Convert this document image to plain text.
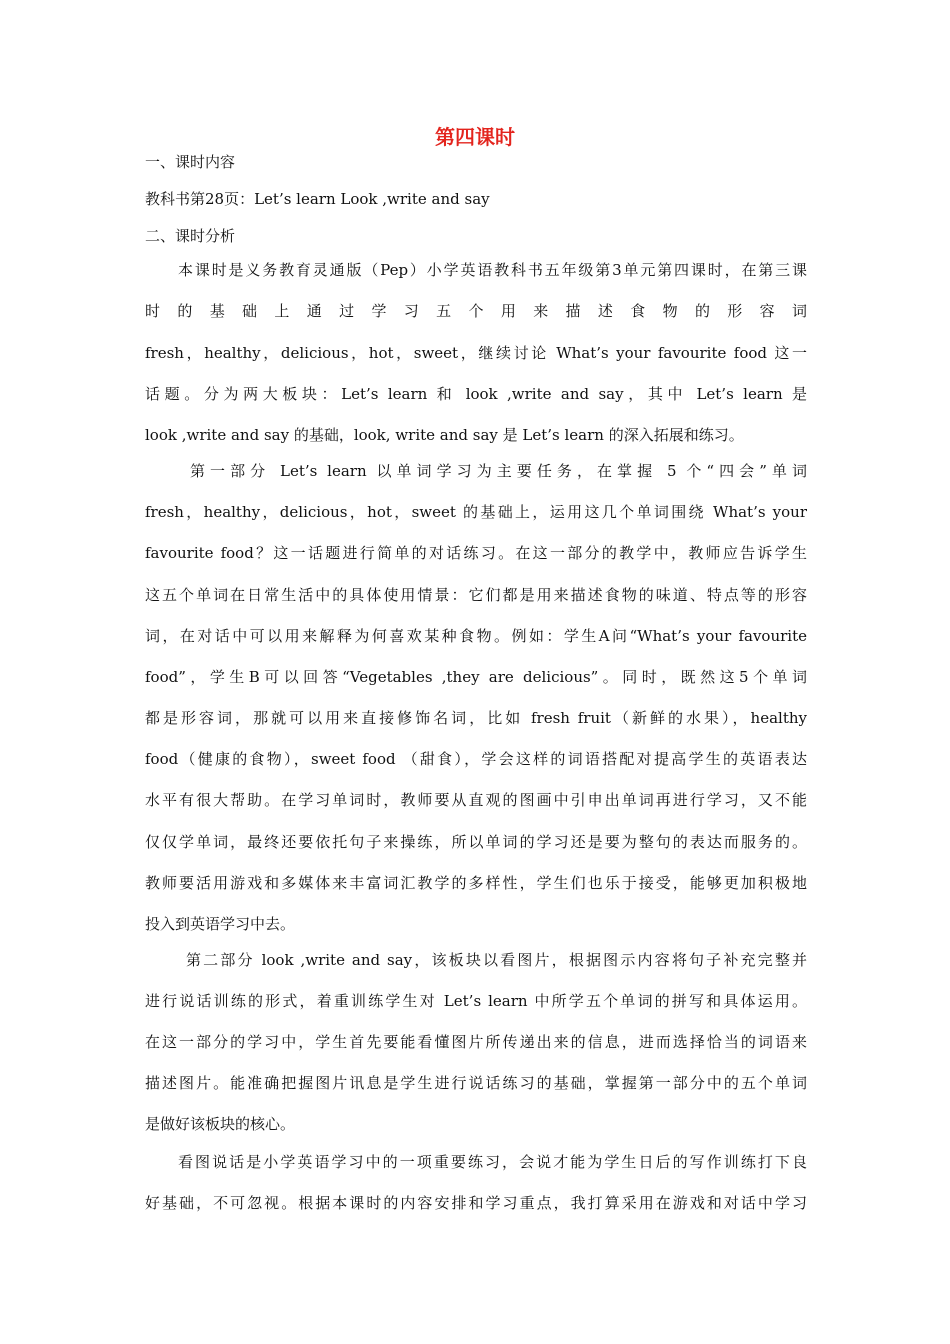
第四课时
一、课时内容
教科书第28页：Let’s learn Look ,write and say
二、课时分析
本课时是义务教育灵通版（Pep）小学英语教科书五年级第3单元第四课时，在第三课
时 的 基 础 上 通 过 学 习 五 个 用 来 描 述 食 物 的 形 容 词
fresh，healthy，delicious，hot，sweet，继续讨论 What’s your favourite food 这一
话题。分为两大板块：Let’s learn 和 look ,write and say，其中 Let’s learn 是
look ,write and say 的基础，look, write and say 是 Let’s learn 的深入拓展和练习。
第一部分 Let’s learn 以单词学习为主要任务，在掌握 5 个“四会”单词
fresh，healthy，delicious，hot，sweet 的基础上，运用这几个单词围绕 What’s your
favourite food？这一话题进行简单的对话练习。在这一部分的教学中，教师应告诉学生
这五个单词在日常生活中的具体使用情景：它们都是用来描述食物的味道、特点等的形容
词，在对话中可以用来解释为何喜欢某种食物。例如：学生A问“What’s your favourite
food”，学生B可以回答“Vegetables ,they are delicious”。同时，既然这5个单词
都是形容词，那就可以用来直接修饰名词，比如 fresh fruit（新鲜的水果），healthy
food（健康的食物），sweet food （甜食），学会这样的词语搭配对提高学生的英语表达
水平有很大帮助。在学习单词时，教师要从直观的图画中引申出单词再进行学习，又不能
仅仅学单词，最终还要依托句子来操练，所以单词的学习还是要为整句的表达而服务的。
教师要活用游戏和多媒体来丰富词汇教学的多样性，学生们也乐于接受，能够更加积极地
投入到英语学习中去。
第二部分 look ,write and say，该板块以看图片，根据图示内容将句子补充完整并
进行说话训练的形式，着重训练学生对 Let’s learn 中所学五个单词的拼写和具体运用。
在这一部分的学习中，学生首先要能看懂图片所传递出来的信息，进而选择恰当的词语来
描述图片。能准确把握图片讯息是学生进行说话练习的基础，掌握第一部分中的五个单词
是做好该板块的核心。
看图说话是小学英语学习中的一项重要练习，会说才能为学生日后的写作训练打下良
好基础，不可忽视。根据本课时的内容安排和学习重点，我打算采用在游戏和对话中学习
